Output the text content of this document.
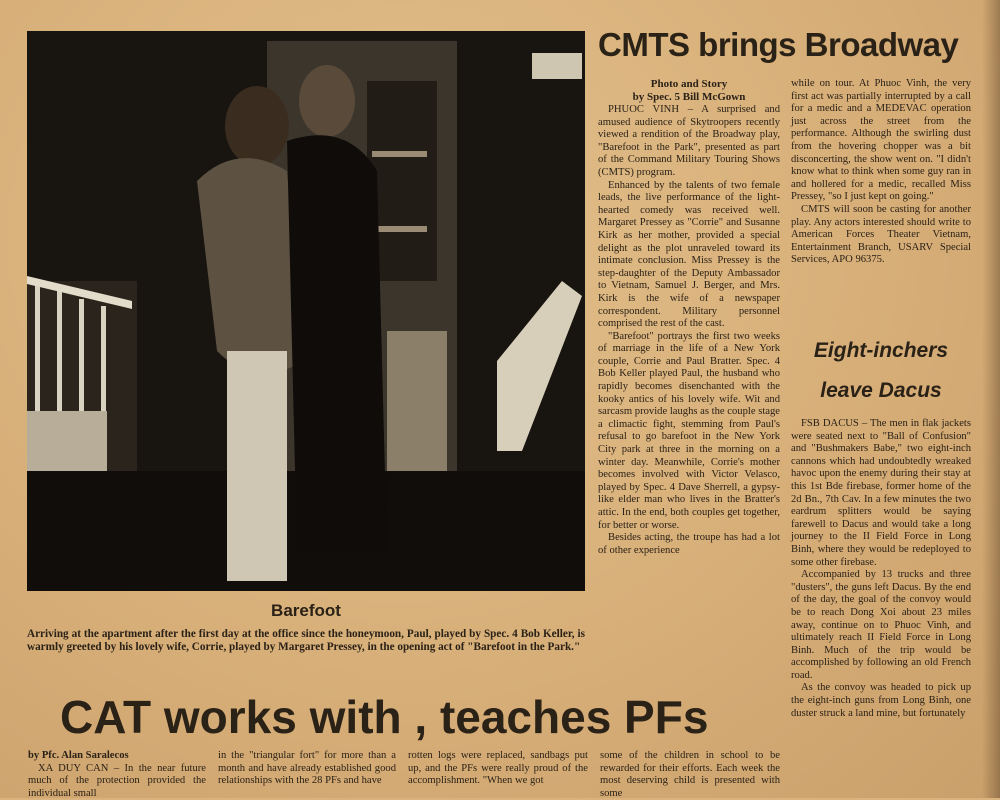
Barefoot
Arriving at the apartment after the first day at the office since the honeymoon, Paul, played by Spec. 4 Bob Keller, is warmly greeted by his lovely wife, Corrie, played by Margaret Pressey, in the opening act of "Barefoot in the Park."
CMTS brings Broadway
Photo and Story
by Spec. 5 Bill McGown

PHUOC VINH – A surprised and amused audience of Skytroopers recently viewed a rendition of the Broadway play, "Barefoot in the Park", presented as part of the Command Military Touring Shows (CMTS) program.

Enhanced by the talents of two female leads, the live performance of the light-hearted comedy was received well. Margaret Pressey as "Corrie" and Susanne Kirk as her mother, provided a special delight as the plot unraveled toward its intimate conclusion. Miss Pressey is the step-daughter of the Deputy Ambassador to Vietnam, Samuel J. Berger, and Mrs. Kirk is the wife of a newspaper correspondent. Military personnel comprised the rest of the cast.

"Barefoot" portrays the first two weeks of marriage in the life of a New York couple, Corrie and Paul Bratter. Spec. 4 Bob Keller played Paul, the husband who rapidly becomes disenchanted with the kooky antics of his lovely wife. Wit and sarcasm provide laughs as the couple stage a climactic fight, stemming from Paul's refusal to go barefoot in the New York City park at three in the morning on a winter day. Meanwhile, Corrie's mother becomes involved with Victor Velasco, played by Spec. 4 Dave Sherrell, a gypsy-like elder man who lives in the Bratter's attic. In the end, both couples get together, for better or worse.

Besides acting, the troupe has had a lot of other experience

while on tour. At Phuoc Vinh, the very first act was partially interrupted by a call for a medic and a MEDEVAC operation just across the street from the performance. Although the swirling dust from the hovering chopper was a bit disconcerting, the show went on. "I didn't know what to think when some guy ran in and hollered for a medic, recalled Miss Pressey, "so I just kept on going."

CMTS will soon be casting for another play. Any actors interested should write to American Forces Theater Vietnam, Entertainment Branch, USARV Special Services, APO 96375.

Eight-inchers
leave Dacus

FSB DACUS – The men in flak jackets were seated next to "Ball of Confusion" and "Bushmakers Babe," two eight-inch cannons which had undoubtedly wreaked havoc upon the enemy during their stay at this 1st Bde firebase, former home of the 2d Bn., 7th Cav. In a few minutes the two eardrum splitters would be saying farewell to Dacus and would take a long journey to the II Field Force in Long Binh, where they would be redeployed to some other firebase.

Accompanied by 13 trucks and three "dusters", the guns left Dacus. By the end of the day, the goal of the convoy would be to reach Dong Xoi about 23 miles away, continue on to Phuoc Vinh, and ultimately reach II Field Force in Long Binh. Much of the trip would be accomplished by following an old French road.

As the convoy was headed to pick up the eight-inch guns from Long Binh, one duster struck a land mine, but fortunately

CAT works with , teaches PFs

by Pfc. Alan Saralecos

XA DUY CAN – In the near future much of the protection provided the individual small

in the "triangular fort" for more than a month and have already established good relationships with the 28 PFs and have

rotten logs were replaced, sandbags put up, and the PFs were really proud of the accomplishment. "When we got

some of the children in school to be rewarded for their efforts. Each week the most deserving child is presented with some
